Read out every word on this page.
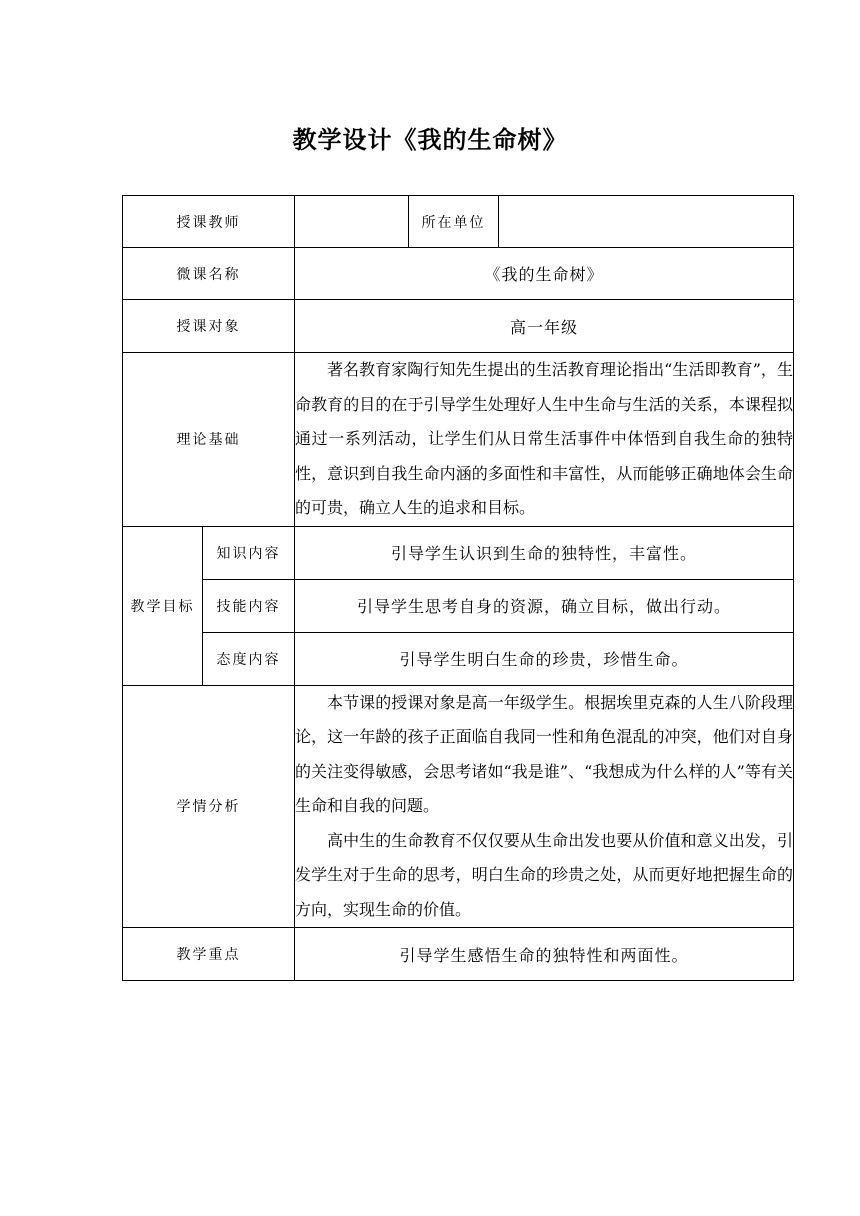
教学设计《我的生命树》
授课教师			所在单位	
微课名称		《我的生命树》		
授课对象		高一年级		
理论基础		著名教育家陶行知先生提出的生活教育理论指出“生活即教育”，生命教育的目的在于引导学生处理好人生中生命与生活的关系，本课程拟通过一系列活动，让学生们从日常生活事件中体悟到自我生命的独特性，意识到自我生命内涵的多面性和丰富性，从而能够正确地体会生命的可贵，确立人生的追求和目标。		

教学目标	知识内容	引导学生认识到生命的独特性，丰富性。		
	技能内容	引导学生思考自身的资源，确立目标，做出行动。		
	态度内容	引导学生明白生命的珍贵，珍惜生命。		
学情分析		本节课的授课对象是高一年级学生。根据埃里克森的人生八阶段理论，这一年龄的孩子正面临自我同一性和角色混乱的冲突，他们对自身的关注变得敏感，会思考诸如“我是谁”、“我想成为什么样的人”等有关生命和自我的问题。

高中生的生命教育不仅仅要从生命出发也要从价值和意义出发，引发学生对于生命的思考，明白生命的珍贵之处，从而更好地把握生命的方向，实现生命的价值。		

教学重点		引导学生感悟生命的独特性和两面性。		
